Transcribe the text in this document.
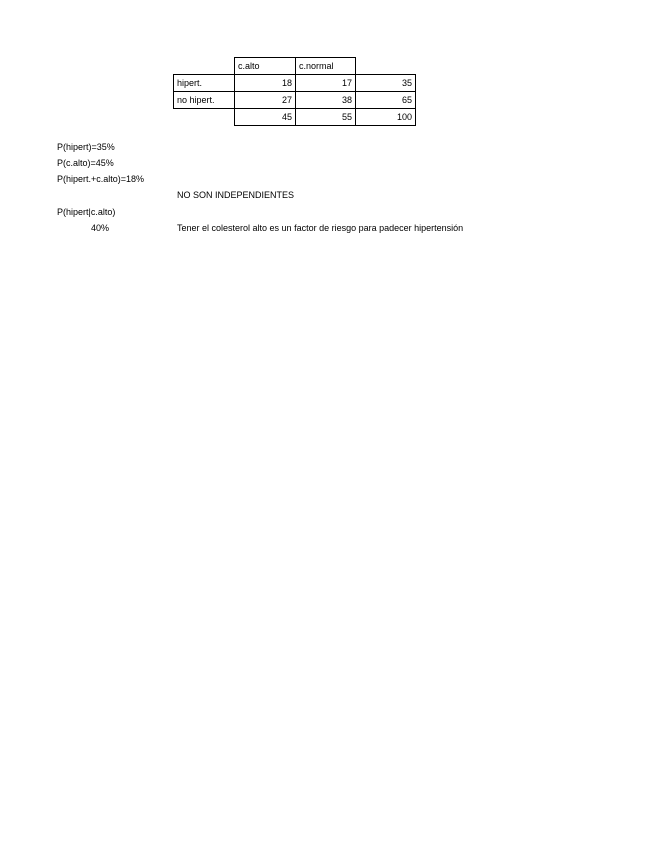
	c.alto	c.normal	
hipert.	18	17	35
no hipert.	27	38	65
	45	55	100
P(hipert)=35%
P(c.alto)=45%
P(hipert.+c.alto)=18%
NO SON INDEPENDIENTES
P(hipert|c.alto)
40%	Tener el colesterol alto es un factor de riesgo para padecer hipertensión
